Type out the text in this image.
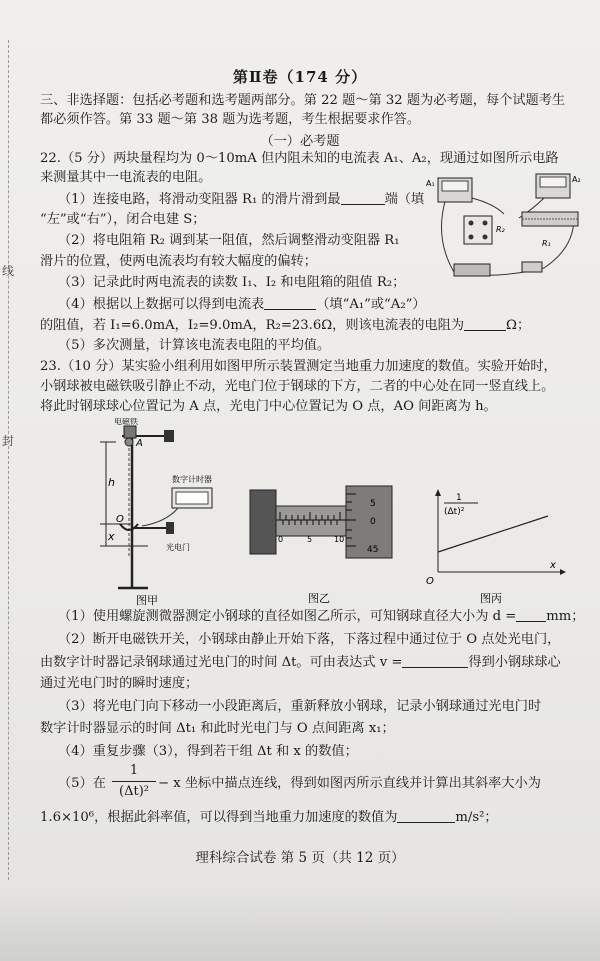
线
封
第Ⅱ卷（174 分）
三、非选择题：包括必考题和选考题两部分。第 22 题～第 32 题为必考题，每个试题考生
都必须作答。第 33 题～第 38 题为选考题，考生根据要求作答。
（一）必考题
22.（5 分）两块量程均为 0～10mA 但内阻未知的电流表 A₁、A₂，现通过如图所示电路
来测量其中一电流表的电阻。
（1）连接电路，将滑动变阻器 R₁ 的滑片滑到最	端（填
“左”或“右”），闭合电建 S；
（2）将电阻箱 R₂ 调到某一阻值，然后调整滑动变阻器 R₁
滑片的位置，使两电流表均有较大幅度的偏转；
（3）记录此时两电流表的读数 I₁、I₂ 和电阻箱的阻值 R₂；
（4）根据以上数据可以得到电流表	（填“A₁”或“A₂”）
的阻值，若 I₁=6.0mA，I₂=9.0mA，R₂=23.6Ω，则该电流表的电阻为	Ω；
（5）多次测量，计算该电流表电阻的平均值。
A₁	A₂
R₂
R₁
23.（10 分）某实验小组利用如图甲所示装置测定当地重力加速度的数值。实验开始时，
小钢球被电磁铁吸引静止不动，光电门位于钢球的下方，二者的中心处在同一竖直线上。
将此时钢球球心位置记为 A 点，光电门中心位置记为 O 点，AO 间距离为 h。
电磁铁
A
h
x
O
光电门
数字计时器
图甲
0	5	10
5
0
45
图乙
1
(Δt)²
O
x
图丙
（1）使用螺旋测微器测定小钢球的直径如图乙所示，可知钢球直径大小为 d = mm；
（2）断开电磁铁开关，小钢球由静止开始下落，下落过程中通过位于 O 点处光电门，
由数字计时器记录钢球通过光电门的时间 Δt。可由表达式 v =	得到小钢球球心
通过光电门时的瞬时速度；
（3）将光电门向下移动一小段距离后，重新释放小钢球，记录小钢球通过光电门时
数字计时器显示的时间 Δt₁ 和此时光电门与 O 点间距离 x₁；
（4）重复步骤（3），得到若干组 Δt 和 x 的数值；
（5）在
1
(Δt)²
− x 坐标中描点连线，得到如图丙所示直线并计算出其斜率大小为
1.6×10⁶，根据此斜率值，可以得到当地重力加速度的数值为	m/s²；
理科综合试卷 第 5 页（共 12 页）
